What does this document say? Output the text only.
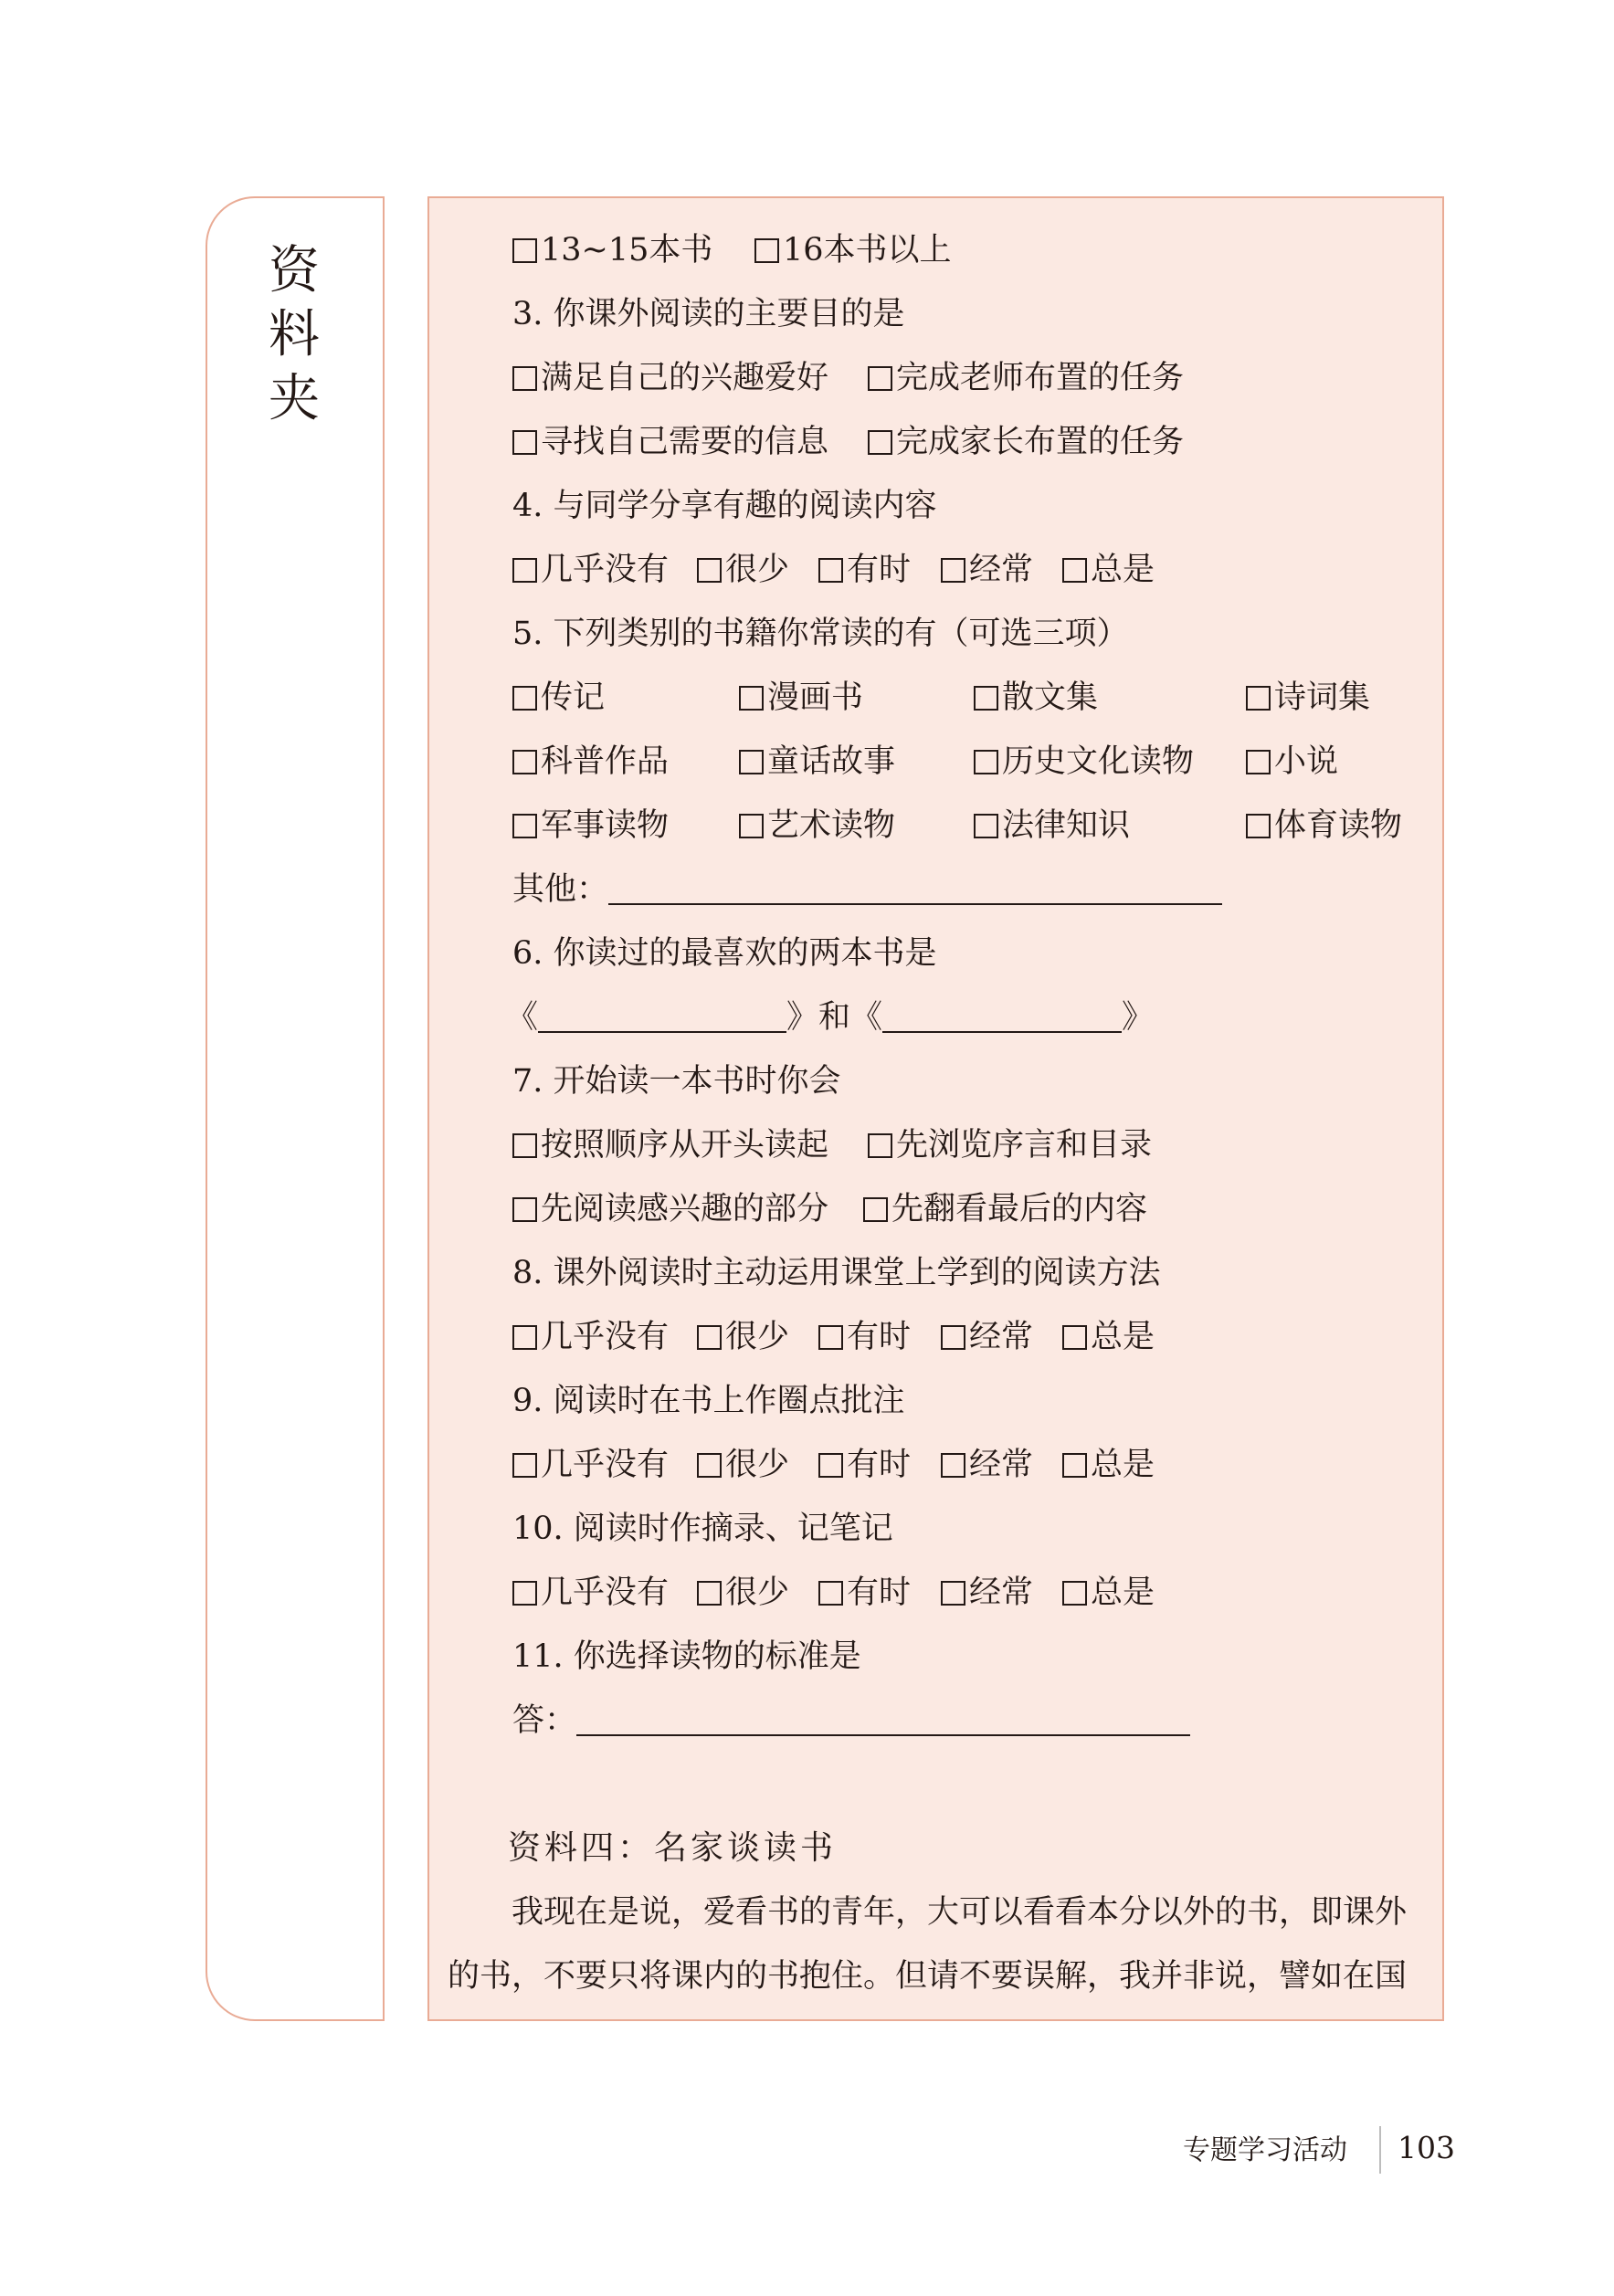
资料夹
13~15本书	16本书以上
3. 你课外阅读的主要目的是
满足自己的兴趣爱好	完成老师布置的任务
寻找自己需要的信息	完成家长布置的任务
4. 与同学分享有趣的阅读内容
几乎没有	很少	有时	经常	总是
5. 下列类别的书籍你常读的有（可选三项）
传记	漫画书	散文集	诗词集
科普作品	童话故事	历史文化读物	小说
军事读物	艺术读物	法律知识	体育读物
其他：
6. 你读过的最喜欢的两本书是
《	》和《	》
7. 开始读一本书时你会
按照顺序从开头读起	先浏览序言和目录
先阅读感兴趣的部分	先翻看最后的内容
8. 课外阅读时主动运用课堂上学到的阅读方法
几乎没有	很少	有时	经常	总是
9. 阅读时在书上作圈点批注
几乎没有	很少	有时	经常	总是
10. 阅读时作摘录、记笔记
几乎没有	很少	有时	经常	总是
11. 你选择读物的标准是
答：
资料四：名家谈读书
我现在是说，爱看书的青年，大可以看看本分以外的书，即课外
的书，不要只将课内的书抱住。但请不要误解，我并非说，譬如在国
专题学习活动 103
